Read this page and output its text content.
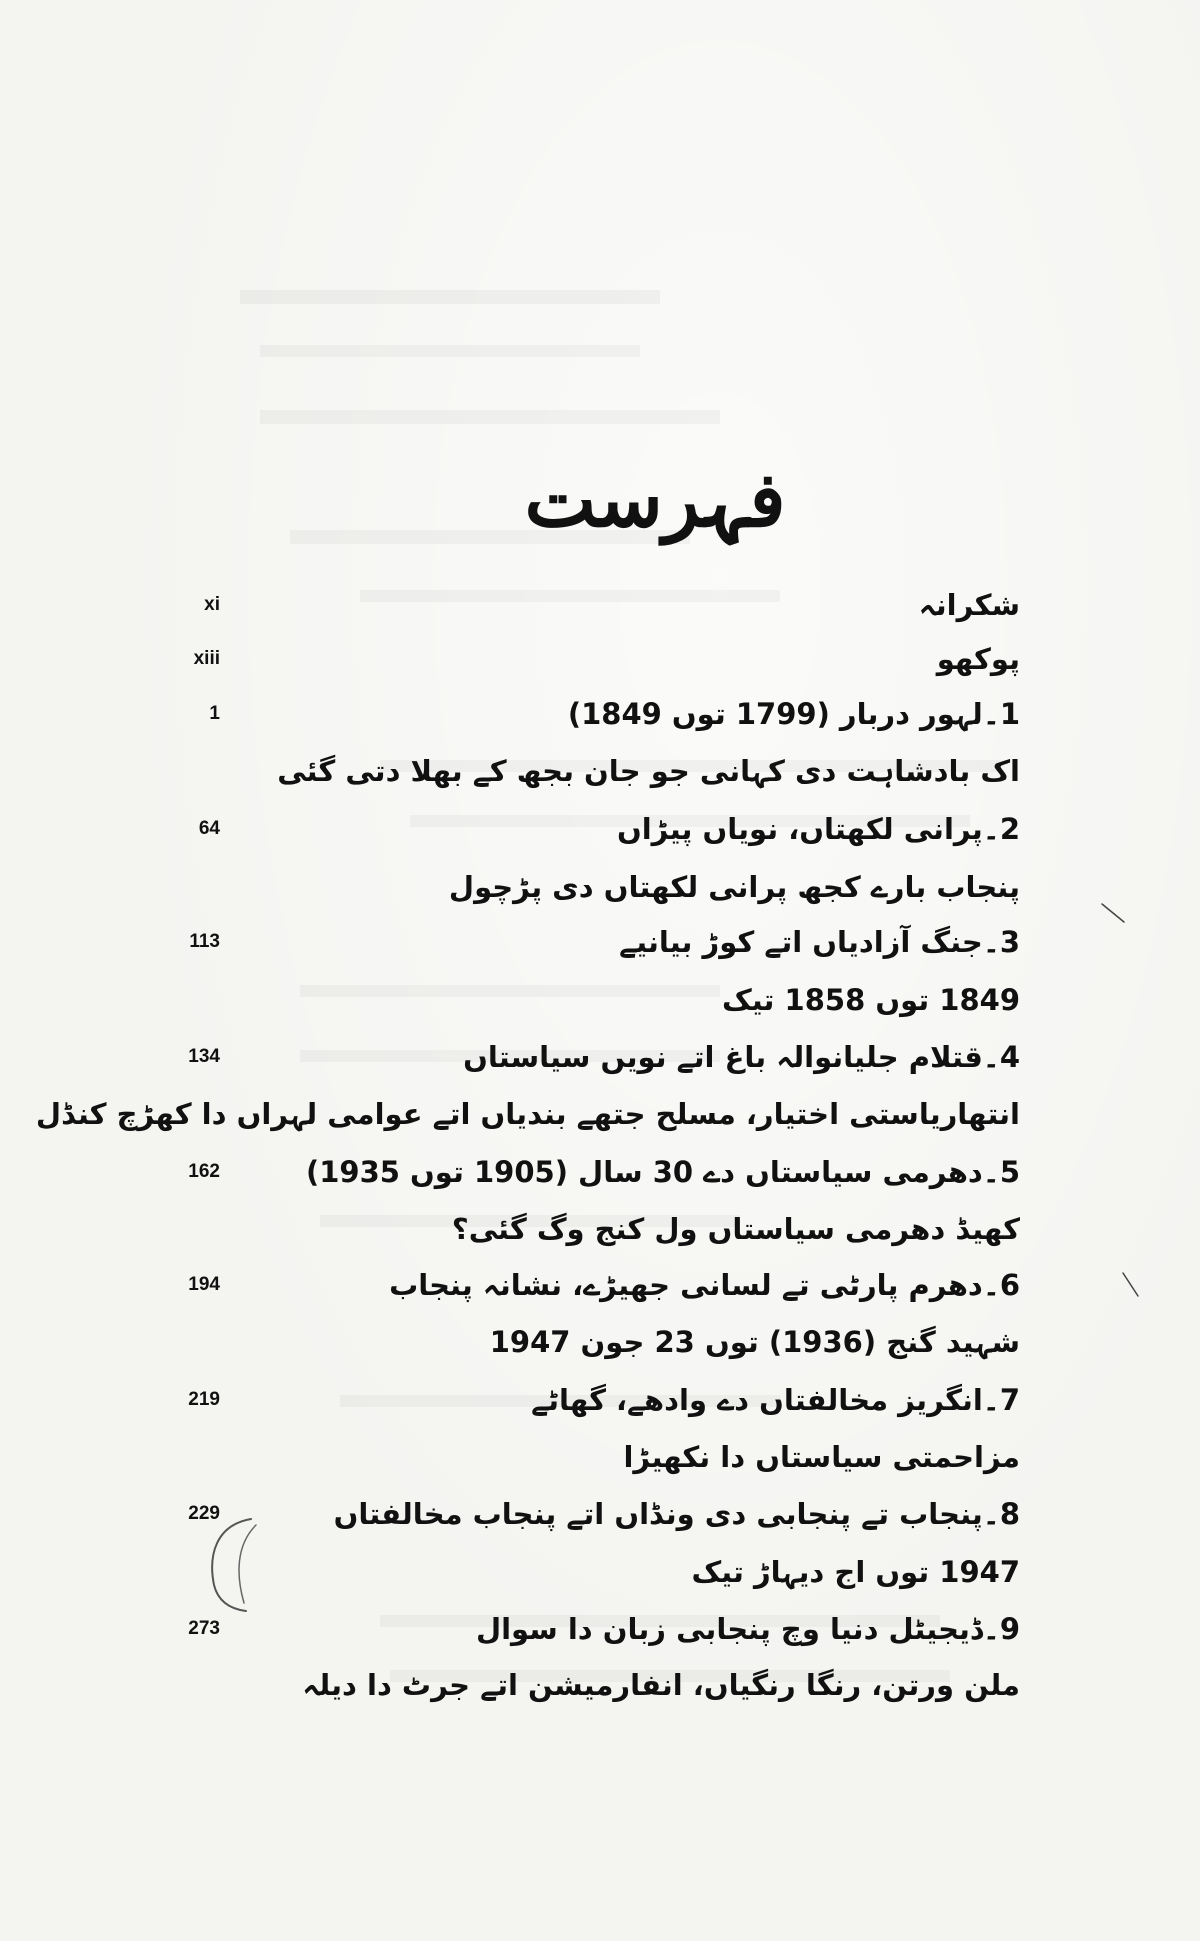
فہرست
شکرانہ
xi
پوکھو
xiii
1۔لہور دربار (1799 توں 1849)
1
اک بادشاہت دی کہانی جو جان بجھ کے بھلا دتی گئی
2۔پرانی لکھتاں، نویاں پیڑاں
64
پنجاب بارے کجھ پرانی لکھتاں دی پڑچول
3۔جنگ آزادیاں اتے کوڑ بیانیے
113
1849 توں 1858 تیک
4۔قتلام جلیانوالہ باغ اتے نویں سیاستاں
134
انتھاریاستی اختیار، مسلح جتھے بندیاں اتے عوامی لہراں دا کھڑچ کنڈل
5۔دھرمی سیاستاں دے 30 سال (1905 توں 1935)
162
کھیڈ دھرمی سیاستاں ول کنج وگ گئی؟
6۔دھرم پارٹی تے لسانی جھیڑے، نشانہ پنجاب
194
شہید گنج (1936) توں 23 جون 1947
7۔انگریز مخالفتاں دے وادھے، گھاٹے
219
مزاحمتی سیاستاں دا نکھیڑا
8۔پنجاب تے پنجابی دی ونڈاں اتے پنجاب مخالفتاں
229
1947 توں اج دیہاڑ تیک
9۔ڈیجیٹل دنیا وچ پنجابی زبان دا سوال
273
ملن ورتن، رنگا رنگیاں، انفارمیشن اتے جرٹ دا دیلہ
